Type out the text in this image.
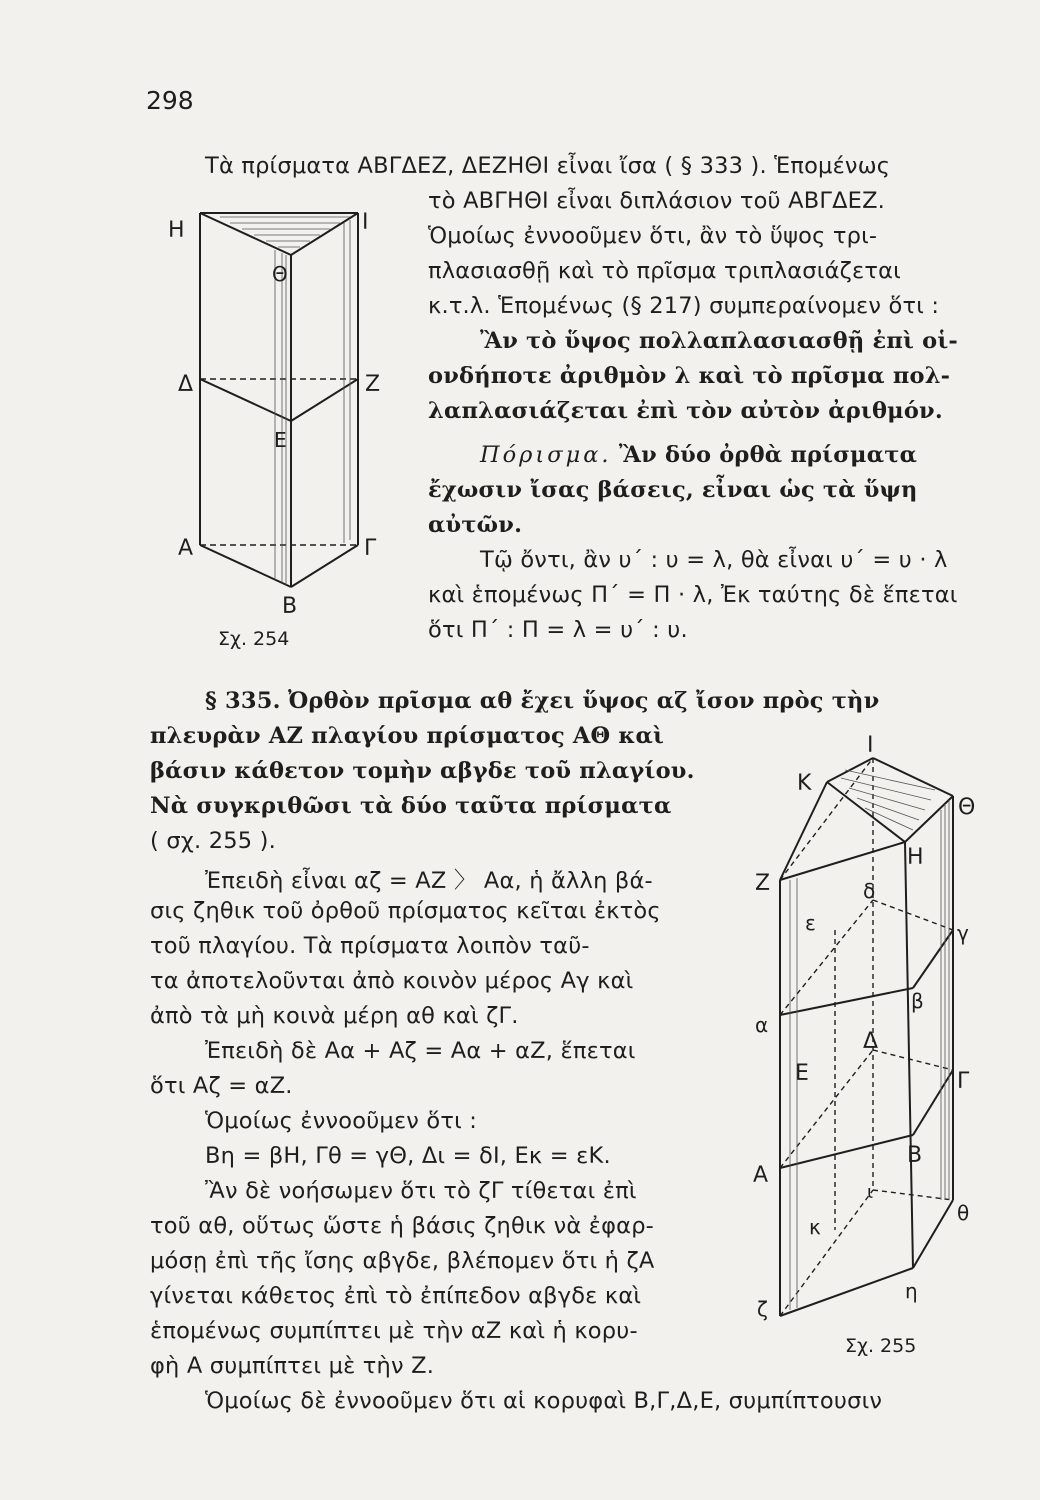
298
Η	Ι
Θ
Δ	Ζ
Ε
Α	Γ
Β
Σχ. 254
Τὰ πρίσματα ΑΒΓΔΕΖ, ΔΕΖΗΘΙ εἶναι ἴσα ( § 333 ). Ἑπομένως
τὸ ΑΒΓΗΘΙ εἶναι διπλάσιον τοῦ ΑΒΓΔΕΖ.
Ὁμοίως ἐννοοῦμεν ὅτι, ἂν τὸ ὕψος τρι-
πλασιασθῇ καὶ τὸ πρῖσμα τριπλασιάζεται
κ.τ.λ. Ἑπομένως (§ 217) συμπεραίνομεν ὅτι :
Ἂν τὸ ὕψος πολλαπλασιασθῇ ἐπὶ οἱ-
ονδήποτε ἀριθμὸν λ καὶ τὸ πρῖσμα πολ-
λαπλασιάζεται ἐπὶ τὸν αὐτὸν ἀριθμόν.
Πόρισμα. Ἂν δύο ὀρθὰ πρίσματα
ἔχωσιν ἴσας βάσεις, εἶναι ὡς τὰ ὕψη
αὐτῶν.
Τῷ ὄντι, ἂν υ΄ : υ = λ, θὰ εἶναι υ΄ = υ · λ
καὶ ἑπομένως Π΄ = Π · λ, Ἐκ ταύτης δὲ ἕπεται
ὅτι Π΄ : Π = λ = υ΄ : υ.
§ 335. Ὀρθὸν πρῖσμα αθ ἔχει ὕψος αζ ἴσον πρὸς τὴν
πλευρὰν ΑΖ πλαγίου πρίσματος ΑΘ καὶ
βάσιν κάθετον τομὴν αβγδε τοῦ πλαγίου.
Νὰ συγκριθῶσι τὰ δύο ταῦτα πρίσματα
( σχ. 255 ).
Ἐπειδὴ εἶναι αζ = ΑΖ 〉 Αα, ἡ ἄλλη βά-
σις ζηθικ τοῦ ὀρθοῦ πρίσματος κεῖται ἐκτὸς
τοῦ πλαγίου. Τὰ πρίσματα λοιπὸν ταῦ-
τα ἀποτελοῦνται ἀπὸ κοινὸν μέρος Αγ καὶ
ἀπὸ τὰ μὴ κοινὰ μέρη αθ καὶ ζΓ.
Ἐπειδὴ δὲ Αα + Αζ = Αα + αΖ, ἕπεται
ὅτι Αζ = αΖ.
Ὁμοίως ἐννοοῦμεν ὅτι :
Βη = βΗ, Γθ = γΘ, Δι = δΙ, Εκ = εΚ.
Ἂν δὲ νοήσωμεν ὅτι τὸ ζΓ τίθεται ἐπὶ
τοῦ αθ, οὕτως ὥστε ἡ βάσις ζηθικ νὰ ἐφαρ-
μόσῃ ἐπὶ τῆς ἴσης αβγδε, βλέπομεν ὅτι ἡ ζΑ
γίνεται κάθετος ἐπὶ τὸ ἐπίπεδον αβγδε καὶ
ἑπομένως συμπίπτει μὲ τὴν αΖ καὶ ἡ κορυ-
φὴ Α συμπίπτει μὲ τὴν Ζ.
Ὁμοίως δὲ ἐννοοῦμεν ὅτι αἱ κορυφαὶ Β,Γ,Δ,Ε, συμπίπτουσιν
Ι
Κ
Θ
Η
Ζ	δ
ε	γ
β
α
Δ
Ε	Γ
Β
Α
ι
κ
θ
ζ
η
Σχ. 255
